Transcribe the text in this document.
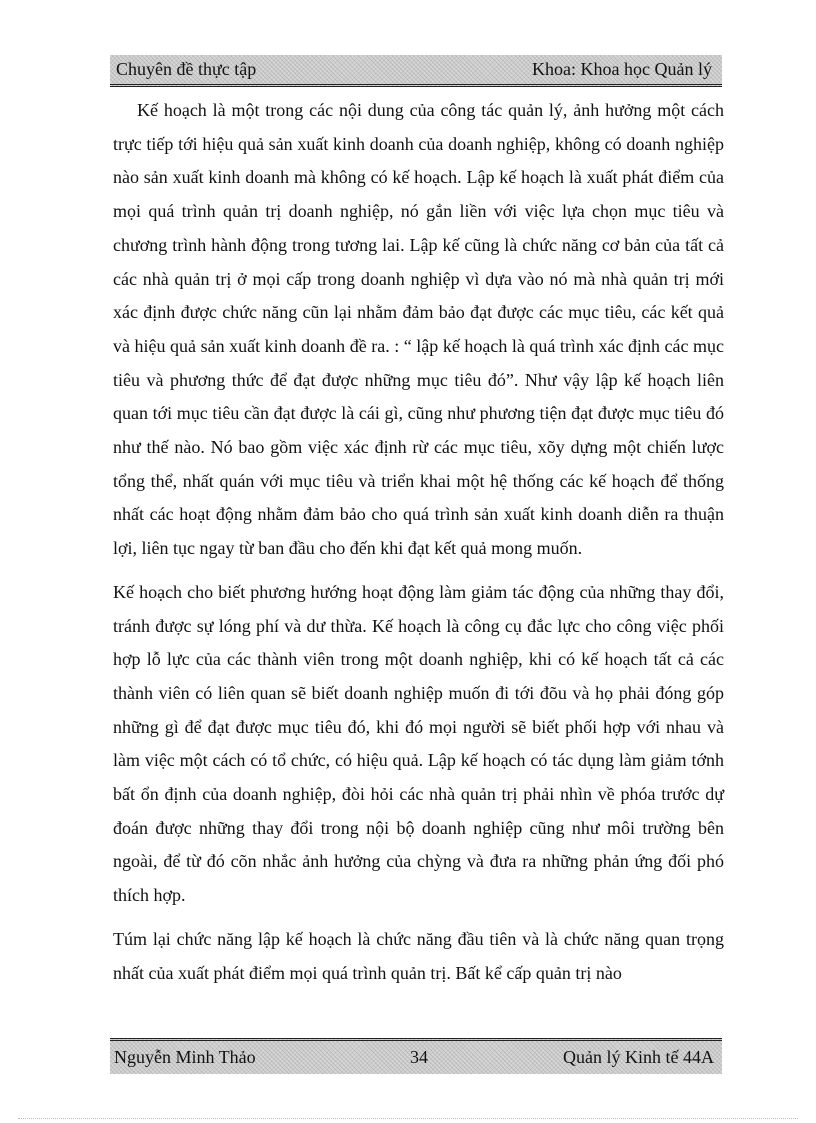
Chuyên đề thực tập	Khoa: Khoa học Quản lý

Kế hoạch là một trong các nội dung của công tác quản lý, ảnh hưởng một cách trực tiếp tới hiệu quả sản xuất kinh doanh của doanh nghiệp, không có doanh nghiệp nào sản xuất kinh doanh mà không có kế hoạch. Lập kế hoạch là xuất phát điểm của mọi quá trình quản trị doanh nghiệp, nó gắn liền với việc lựa chọn mục tiêu và chương trình hành động trong tương lai. Lập kế cũng là chức năng cơ bản của tất cả các nhà quản trị ở mọi cấp trong doanh nghiệp vì dựa vào nó mà nhà quản trị mới xác định được chức năng cũn lại nhằm đảm bảo đạt được các mục tiêu, các kết quả và hiệu quả sản xuất kinh doanh đề ra. : “ lập kế hoạch là quá trình xác định các mục tiêu và phương thức để đạt được những mục tiêu đó”. Như vậy lập kế hoạch liên quan tới mục tiêu cần đạt được là cái gì, cũng như phương tiện đạt được mục tiêu đó như thế nào. Nó bao gồm việc xác định rừ các mục tiêu, xõy dựng một chiến lược tổng thể, nhất quán với mục tiêu và triển khai một hệ thống các kế hoạch để thống nhất các hoạt động nhằm đảm bảo cho quá trình sản xuất kinh doanh diễn ra thuận lợi, liên tục ngay từ ban đầu cho đến khi đạt kết quả mong muốn.

Kế hoạch cho biết phương hướng hoạt động làm giảm tác động của những thay đổi, tránh được sự lóng phí và dư thừa. Kế hoạch là công cụ đắc lực cho công việc phối hợp lỗ lực của các thành viên trong một doanh nghiệp, khi có kế hoạch tất cả các thành viên có liên quan sẽ biết doanh nghiệp muốn đi tới đõu và họ phải đóng góp những gì để đạt được mục tiêu đó, khi đó mọi người sẽ biết phối hợp với nhau và làm việc một cách có tổ chức, có hiệu quả. Lập kế hoạch có tác dụng làm giảm tớnh bất ổn định của doanh nghiệp, đòi hỏi các nhà quản trị phải nhìn về phóa trước dự đoán được những thay đổi trong nội bộ doanh nghiệp cũng như môi trường bên ngoài, để từ đó cõn nhắc ảnh hưởng của chỳng và đưa ra những phản ứng đối phó thích hợp.

Túm lại chức năng lập kế hoạch là chức năng đầu tiên và là chức năng quan trọng nhất của xuất phát điểm mọi quá trình quản trị. Bất kể cấp quản trị nào

Nguyễn Minh Thảo	34	Quản lý Kinh tế 44A
